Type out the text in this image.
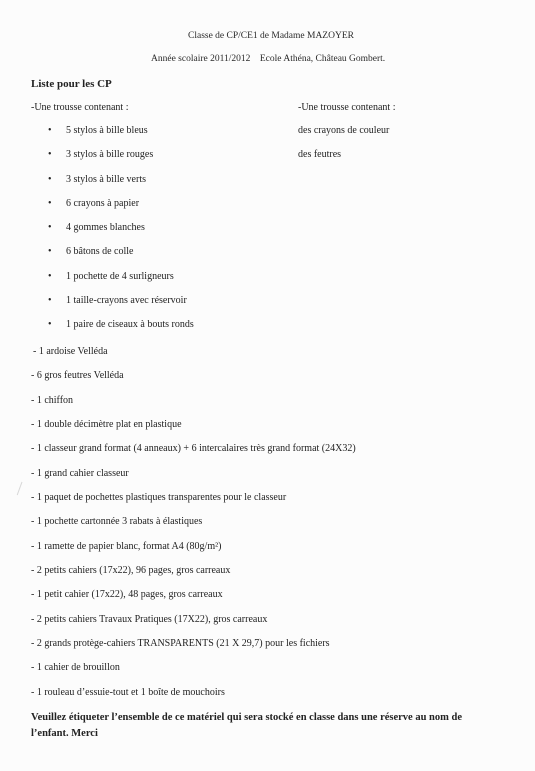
Classe de CP/CE1 de Madame MAZOYER
Année scolaire 2011/2012    Ecole Athéna, Château Gombert.
Liste pour les CP
-Une trousse contenant :	-Une trousse contenant :
•	5 stylos à bille bleus
•	3 stylos à bille rouges
•	3 stylos à bille verts
•	6 crayons à papier
•	4 gommes blanches
•	6 bâtons de colle
•	1 pochette de 4 surligneurs
•	1 taille-crayons avec réservoir
•	1 paire de ciseaux à bouts ronds
des crayons de couleur
des feutres
- 1 ardoise Velléda
- 6 gros feutres Velléda
- 1 chiffon
- 1 double décimètre plat en plastique
- 1 classeur grand format (4 anneaux) + 6 intercalaires très grand format (24X32)
- 1 grand cahier classeur
- 1 paquet de pochettes plastiques transparentes pour le classeur
- 1 pochette cartonnée 3 rabats à élastiques
- 1 ramette de papier blanc, format A4 (80g/m²)
- 2 petits cahiers (17x22), 96 pages, gros carreaux
- 1 petit cahier (17x22), 48 pages, gros carreaux
- 2 petits cahiers Travaux Pratiques (17X22), gros carreaux
- 2 grands protège-cahiers TRANSPARENTS (21 X 29,7) pour les fichiers
- 1 cahier de brouillon
- 1 rouleau d’essuie-tout et 1 boîte de mouchoirs
Veuillez étiqueter l’ensemble de ce matériel qui sera stocké en classe dans une réserve au nom de l’enfant. Merci
